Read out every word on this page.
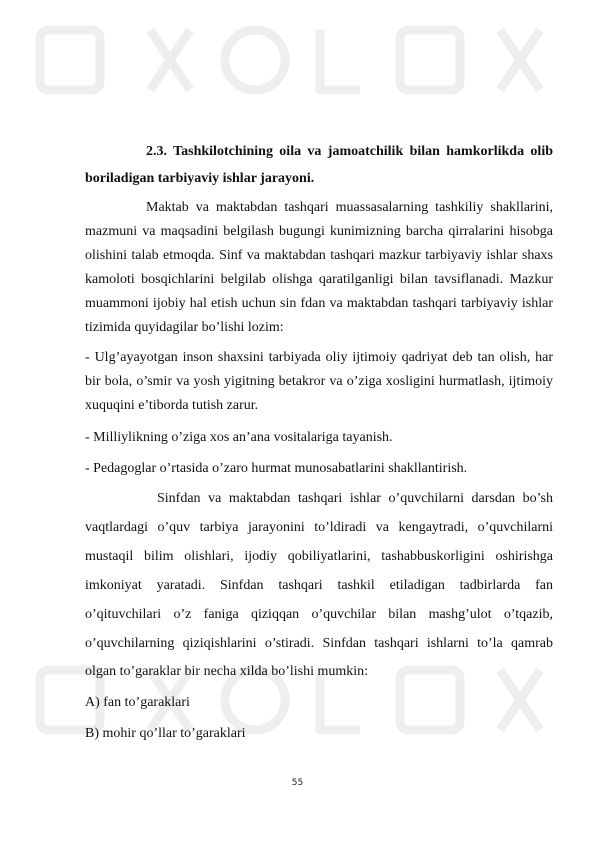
2.3. Tashkilotchining oila va jamoatchilik bilan hamkorlikda olib
boriladigan tarbiyaviy ishlar jarayoni.
Maktab va maktabdan tashqari muassasalarning tashkiliy shakllarini,
mazmuni va maqsadini belgilash bugungi kunimizning barcha qirralarini hisobga
olishini talab etmoqda. Sinf va maktabdan tashqari mazkur tarbiyaviy ishlar shaxs
kamoloti bosqichlarini belgilab olishga qaratilganligi bilan tavsiflanadi. Mazkur
muammoni ijobiy hal etish uchun sin fdan va maktabdan tashqari tarbiyaviy ishlar
tizimida quyidagilar bo’lishi lozim:
- Ulg’ayayotgan inson shaxsini tarbiyada oliy ijtimoiy qadriyat deb tan olish, har
bir bola, o’smir va yosh yigitning betakror va o’ziga xosligini hurmatlash, ijtimoiy
xuquqini e’tiborda tutish zarur.
- Milliylikning o’ziga xos an’ana vositalariga tayanish.
- Pedagoglar o’rtasida o’zaro hurmat munosabatlarini shakllantirish.
Sinfdan va maktabdan tashqari ishlar o’quvchilarni darsdan bo’sh
vaqtlardagi o’quv tarbiya jarayonini to’ldiradi va kengaytradi, o’quvchilarni
mustaqil bilim olishlari, ijodiy qobiliyatlarini, tashabbuskorligini oshirishga
imkoniyat yaratadi. Sinfdan tashqari tashkil etiladigan tadbirlarda fan
o’qituvchilari o’z faniga qiziqqan o’quvchilar bilan mashg’ulot o’tqazib,
o’quvchilarning qiziqishlarini o’stiradi. Sinfdan tashqari ishlarni to’la qamrab
olgan to’garaklar bir necha xilda bo’lishi mumkin:
A) fan to’garaklari
B) mohir qo’llar to’garaklari
55
